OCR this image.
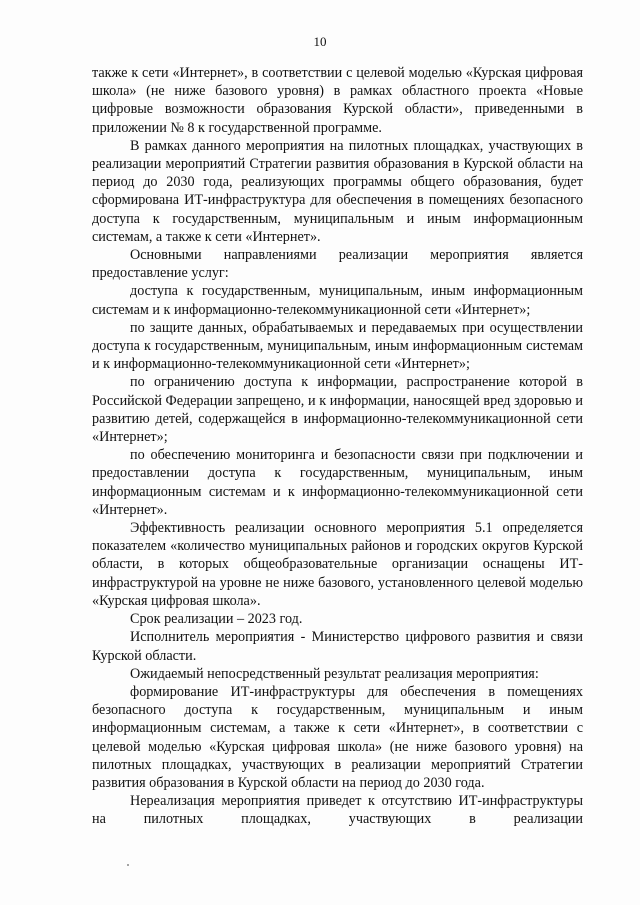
10

также к сети «Интернет», в соответствии с целевой моделью «Курская цифровая школа» (не ниже базового уровня) в рамках областного проекта «Новые цифровые возможности образования Курской области», приведенными в приложении № 8 к государственной программе.

В рамках данного мероприятия на пилотных площадках, участвующих в реализации мероприятий Стратегии развития образования в Курской области на период до 2030 года, реализующих программы общего образования, будет сформирована ИТ-инфраструктура для обеспечения в помещениях безопасного доступа к государственным, муниципальным и иным информационным системам, а также к сети «Интернет».

Основными направлениями реализации мероприятия является предоставление услуг:

доступа к государственным, муниципальным, иным информационным системам и к информационно-телекоммуникационной сети «Интернет»;

по защите данных, обрабатываемых и передаваемых при осуществлении доступа к государственным, муниципальным, иным информационным системам и к информационно-телекоммуникационной сети «Интернет»;

по ограничению доступа к информации, распространение которой в Российской Федерации запрещено, и к информации, наносящей вред здоровью и развитию детей, содержащейся в информационно-телекоммуникационной сети «Интернет»;

по обеспечению мониторинга и безопасности связи при подключении и предоставлении доступа к государственным, муниципальным, иным информационным системам и к информационно-телекоммуникационной сети «Интернет».

Эффективность реализации основного мероприятия 5.1 определяется показателем «количество муниципальных районов и городских округов Курской области, в которых общеобразовательные организации оснащены ИТ-инфраструктурой на уровне не ниже базового, установленного целевой моделью «Курская цифровая школа».

Срок реализации – 2023 год.

Исполнитель мероприятия - Министерство цифрового развития и связи Курской области.

Ожидаемый непосредственный результат реализация мероприятия:

формирование ИТ-инфраструктуры для обеспечения в помещениях безопасного доступа к государственным, муниципальным и иным информационным системам, а также к сети «Интернет», в соответствии с целевой моделью «Курская цифровая школа» (не ниже базового уровня) на пилотных площадках, участвующих в реализации мероприятий Стратегии развития образования в Курской области на период до 2030 года.

Нереализация мероприятия приведет к отсутствию ИТ-инфраструктуры на пилотных площадках, участвующих в реализации
